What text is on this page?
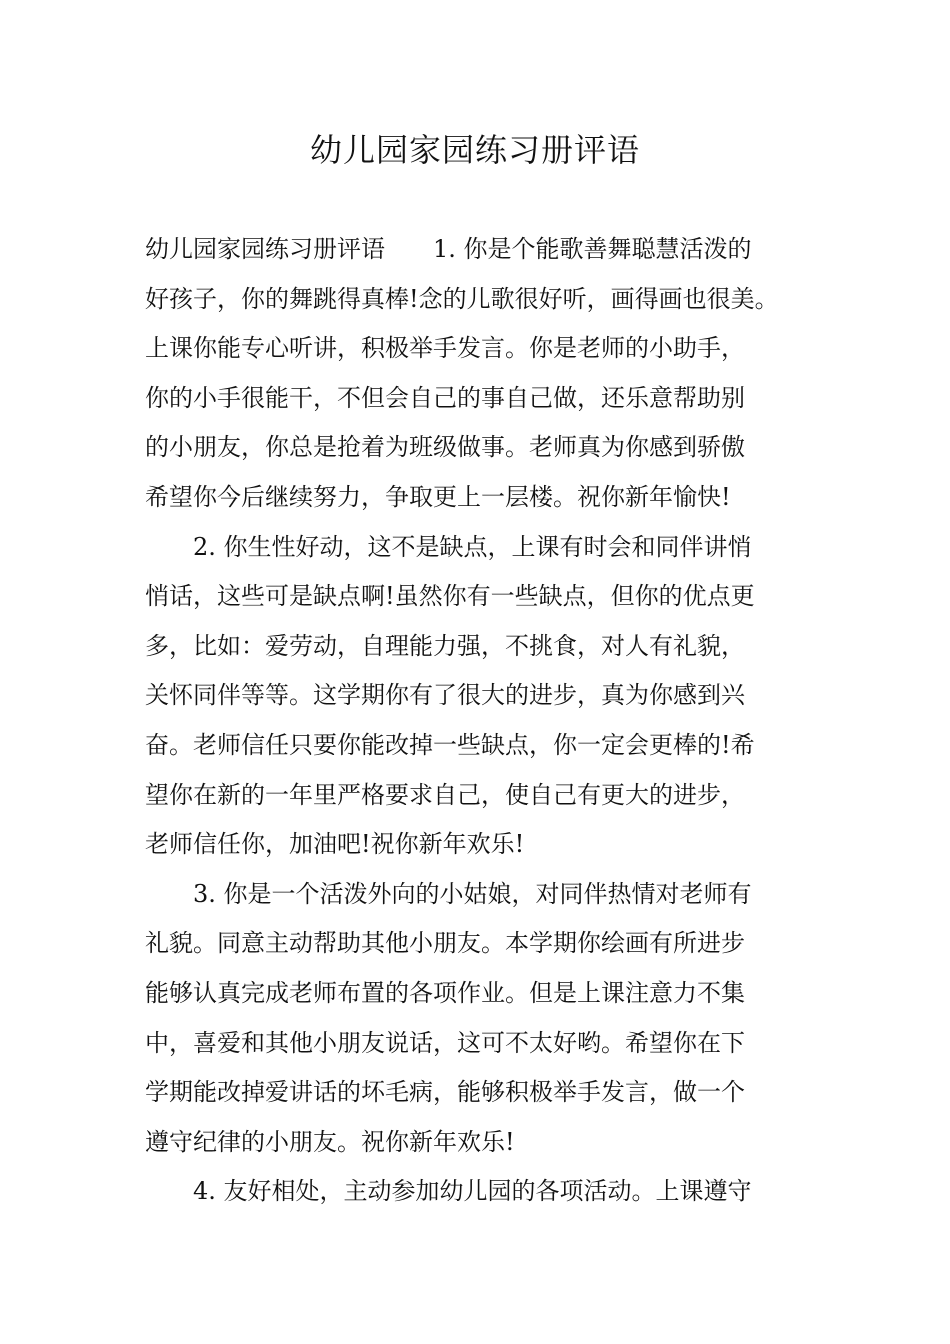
幼儿园家园练习册评语
幼儿园家园练习册评语　　1. 你是个能歌善舞聪慧活泼的
好孩子，你的舞跳得真棒!念的儿歌很好听，画得画也很美。
上课你能专心听讲，积极举手发言。你是老师的小助手，
你的小手很能干，不但会自己的事自己做，还乐意帮助别
的小朋友，你总是抢着为班级做事。老师真为你感到骄傲
希望你今后继续努力，争取更上一层楼。祝你新年愉快!
　　2. 你生性好动，这不是缺点，上课有时会和同伴讲悄
悄话，这些可是缺点啊!虽然你有一些缺点，但你的优点更
多，比如：爱劳动，自理能力强，不挑食，对人有礼貌，
关怀同伴等等。这学期你有了很大的进步，真为你感到兴
奋。老师信任只要你能改掉一些缺点，你一定会更棒的!希
望你在新的一年里严格要求自己，使自己有更大的进步，
老师信任你，加油吧!祝你新年欢乐!
　　3. 你是一个活泼外向的小姑娘，对同伴热情对老师有
礼貌。同意主动帮助其他小朋友。本学期你绘画有所进步
能够认真完成老师布置的各项作业。但是上课注意力不集
中，喜爱和其他小朋友说话，这可不太好哟。希望你在下
学期能改掉爱讲话的坏毛病，能够积极举手发言，做一个
遵守纪律的小朋友。祝你新年欢乐!
　　4. 友好相处，主动参加幼儿园的各项活动。上课遵守
